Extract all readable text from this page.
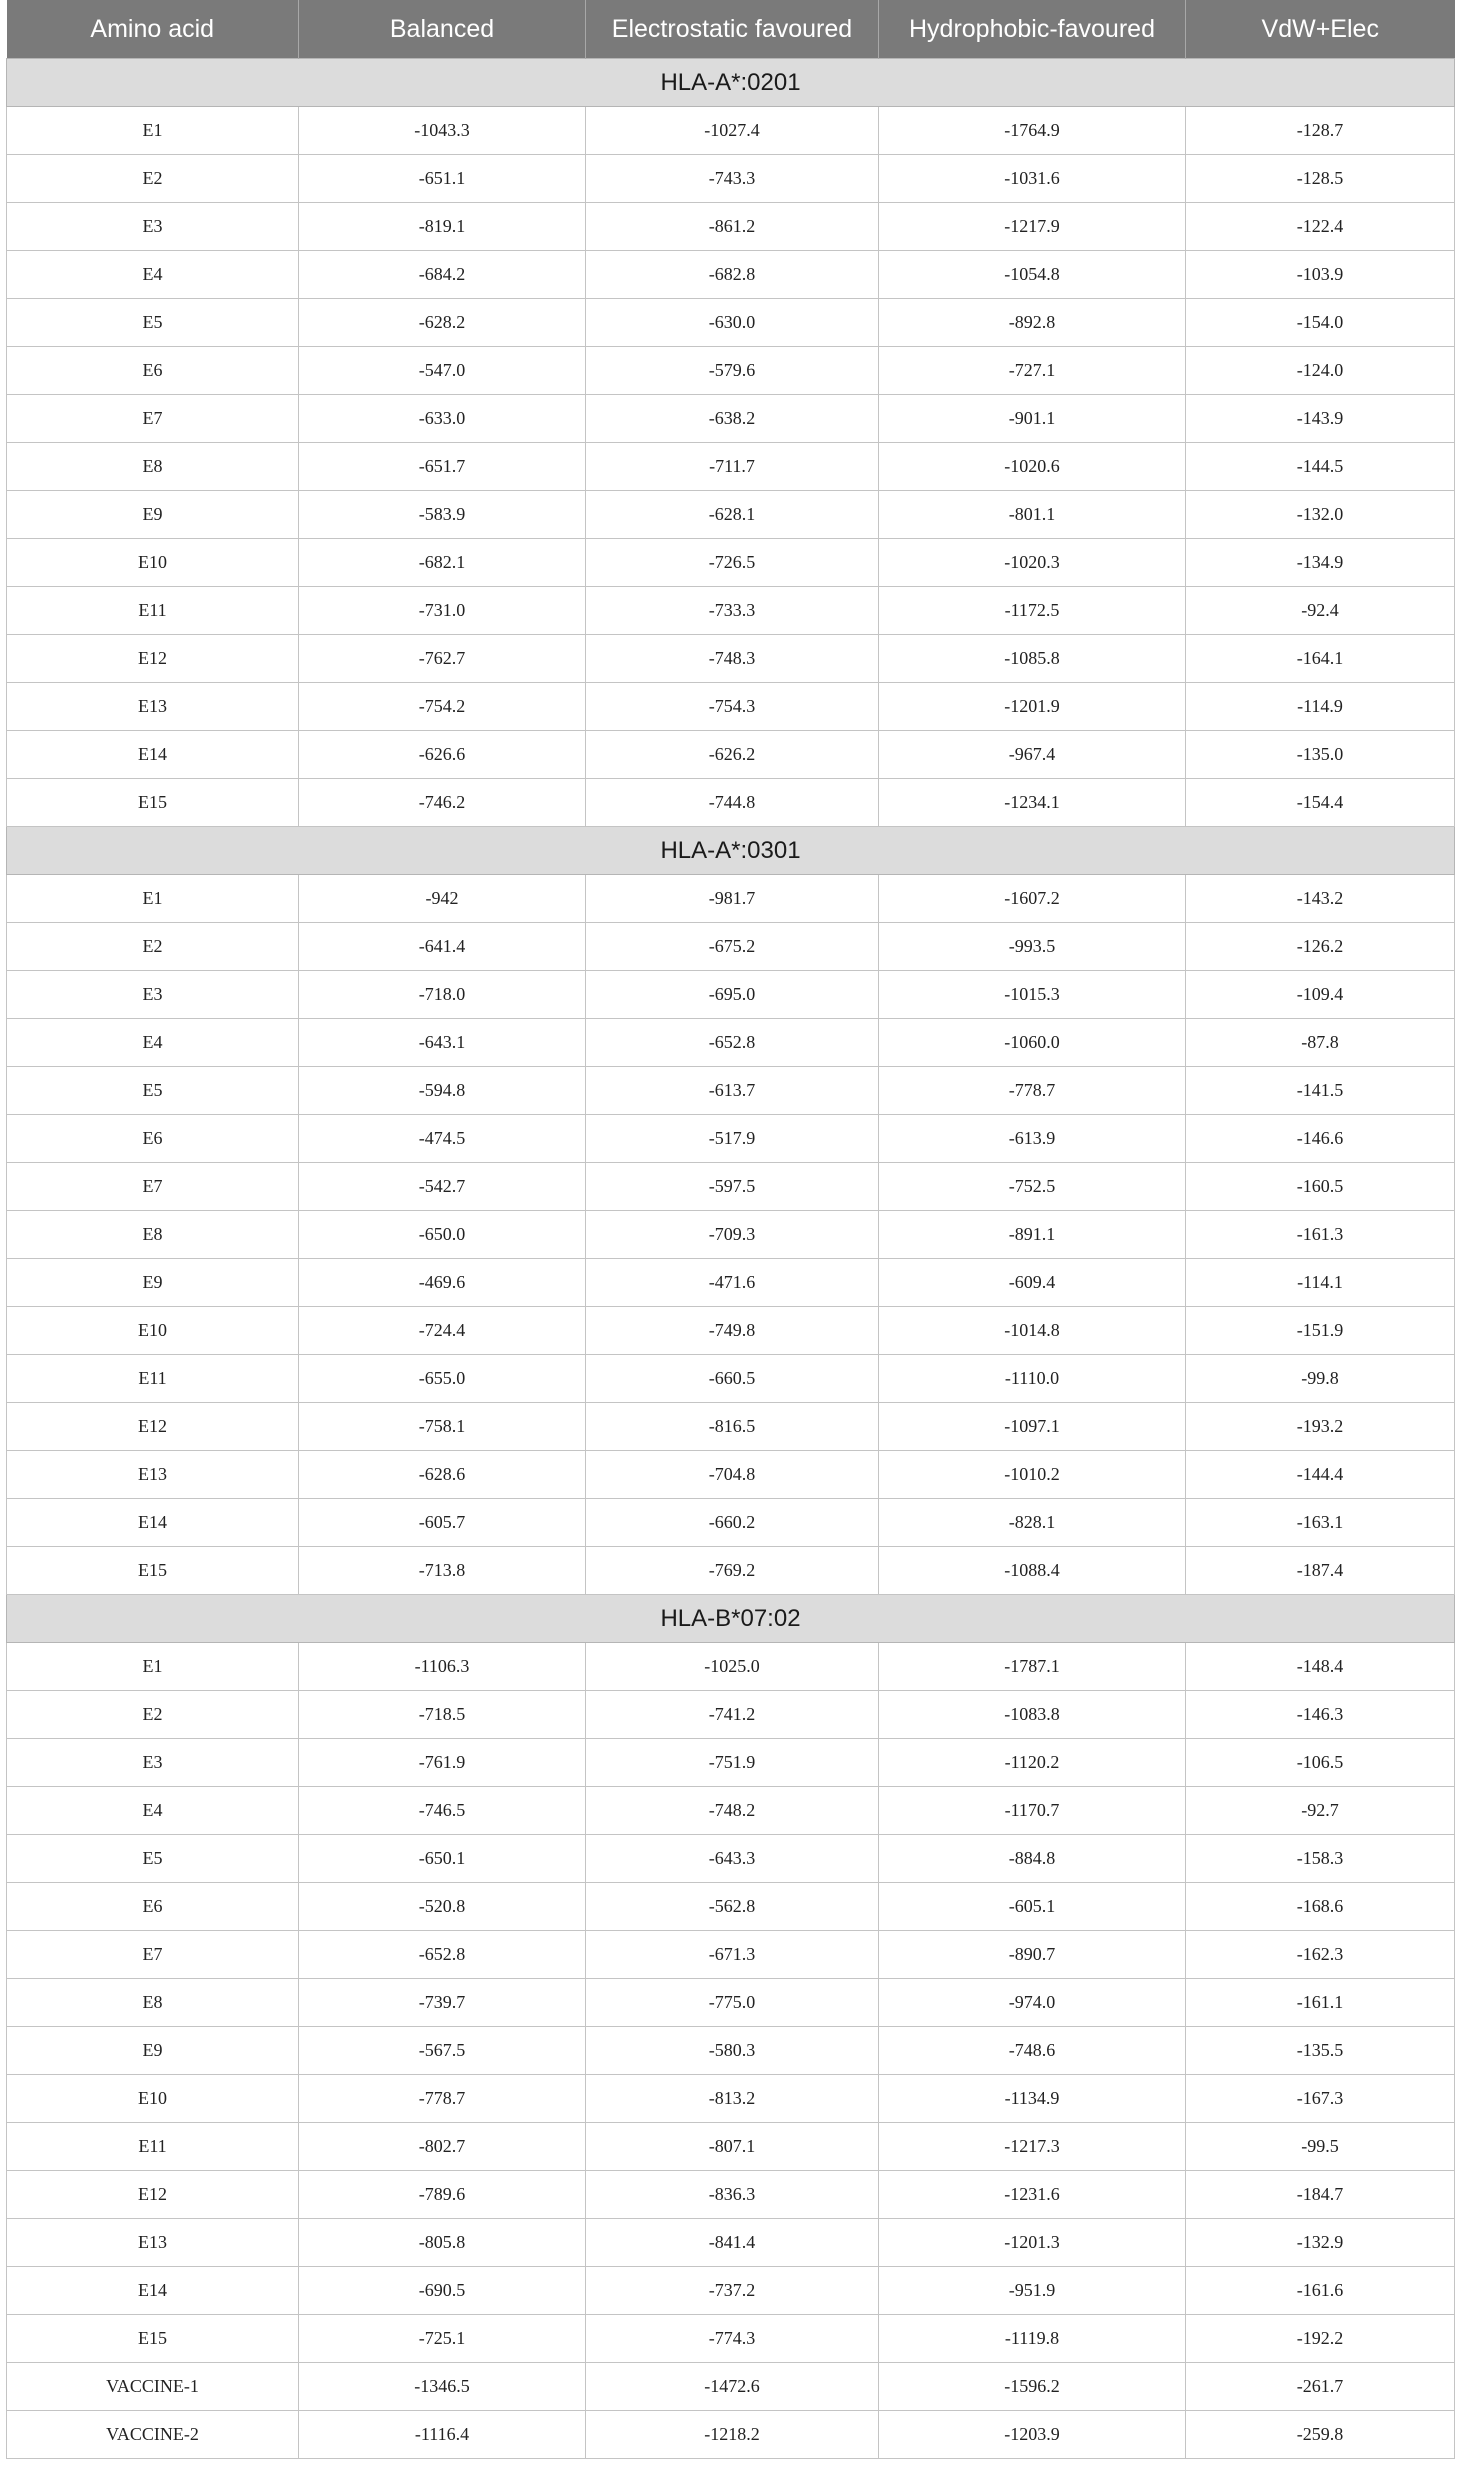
Amino acid	Balanced	Electrostatic favoured	Hydrophobic-favoured	VdW+Elec
HLA-A*:0201				
E1	-1043.3	-1027.4	-1764.9	-128.7
E2	-651.1	-743.3	-1031.6	-128.5
E3	-819.1	-861.2	-1217.9	-122.4
E4	-684.2	-682.8	-1054.8	-103.9
E5	-628.2	-630.0	-892.8	-154.0
E6	-547.0	-579.6	-727.1	-124.0
E7	-633.0	-638.2	-901.1	-143.9
E8	-651.7	-711.7	-1020.6	-144.5
E9	-583.9	-628.1	-801.1	-132.0
E10	-682.1	-726.5	-1020.3	-134.9
E11	-731.0	-733.3	-1172.5	-92.4
E12	-762.7	-748.3	-1085.8	-164.1
E13	-754.2	-754.3	-1201.9	-114.9
E14	-626.6	-626.2	-967.4	-135.0
E15	-746.2	-744.8	-1234.1	-154.4
HLA-A*:0301				
E1	-942	-981.7	-1607.2	-143.2
E2	-641.4	-675.2	-993.5	-126.2
E3	-718.0	-695.0	-1015.3	-109.4
E4	-643.1	-652.8	-1060.0	-87.8
E5	-594.8	-613.7	-778.7	-141.5
E6	-474.5	-517.9	-613.9	-146.6
E7	-542.7	-597.5	-752.5	-160.5
E8	-650.0	-709.3	-891.1	-161.3
E9	-469.6	-471.6	-609.4	-114.1
E10	-724.4	-749.8	-1014.8	-151.9
E11	-655.0	-660.5	-1110.0	-99.8
E12	-758.1	-816.5	-1097.1	-193.2
E13	-628.6	-704.8	-1010.2	-144.4
E14	-605.7	-660.2	-828.1	-163.1
E15	-713.8	-769.2	-1088.4	-187.4
HLA-B*07:02				
E1	-1106.3	-1025.0	-1787.1	-148.4
E2	-718.5	-741.2	-1083.8	-146.3
E3	-761.9	-751.9	-1120.2	-106.5
E4	-746.5	-748.2	-1170.7	-92.7
E5	-650.1	-643.3	-884.8	-158.3
E6	-520.8	-562.8	-605.1	-168.6
E7	-652.8	-671.3	-890.7	-162.3
E8	-739.7	-775.0	-974.0	-161.1
E9	-567.5	-580.3	-748.6	-135.5
E10	-778.7	-813.2	-1134.9	-167.3
E11	-802.7	-807.1	-1217.3	-99.5
E12	-789.6	-836.3	-1231.6	-184.7
E13	-805.8	-841.4	-1201.3	-132.9
E14	-690.5	-737.2	-951.9	-161.6
E15	-725.1	-774.3	-1119.8	-192.2
VACCINE-1	-1346.5	-1472.6	-1596.2	-261.7
VACCINE-2	-1116.4	-1218.2	-1203.9	-259.8
